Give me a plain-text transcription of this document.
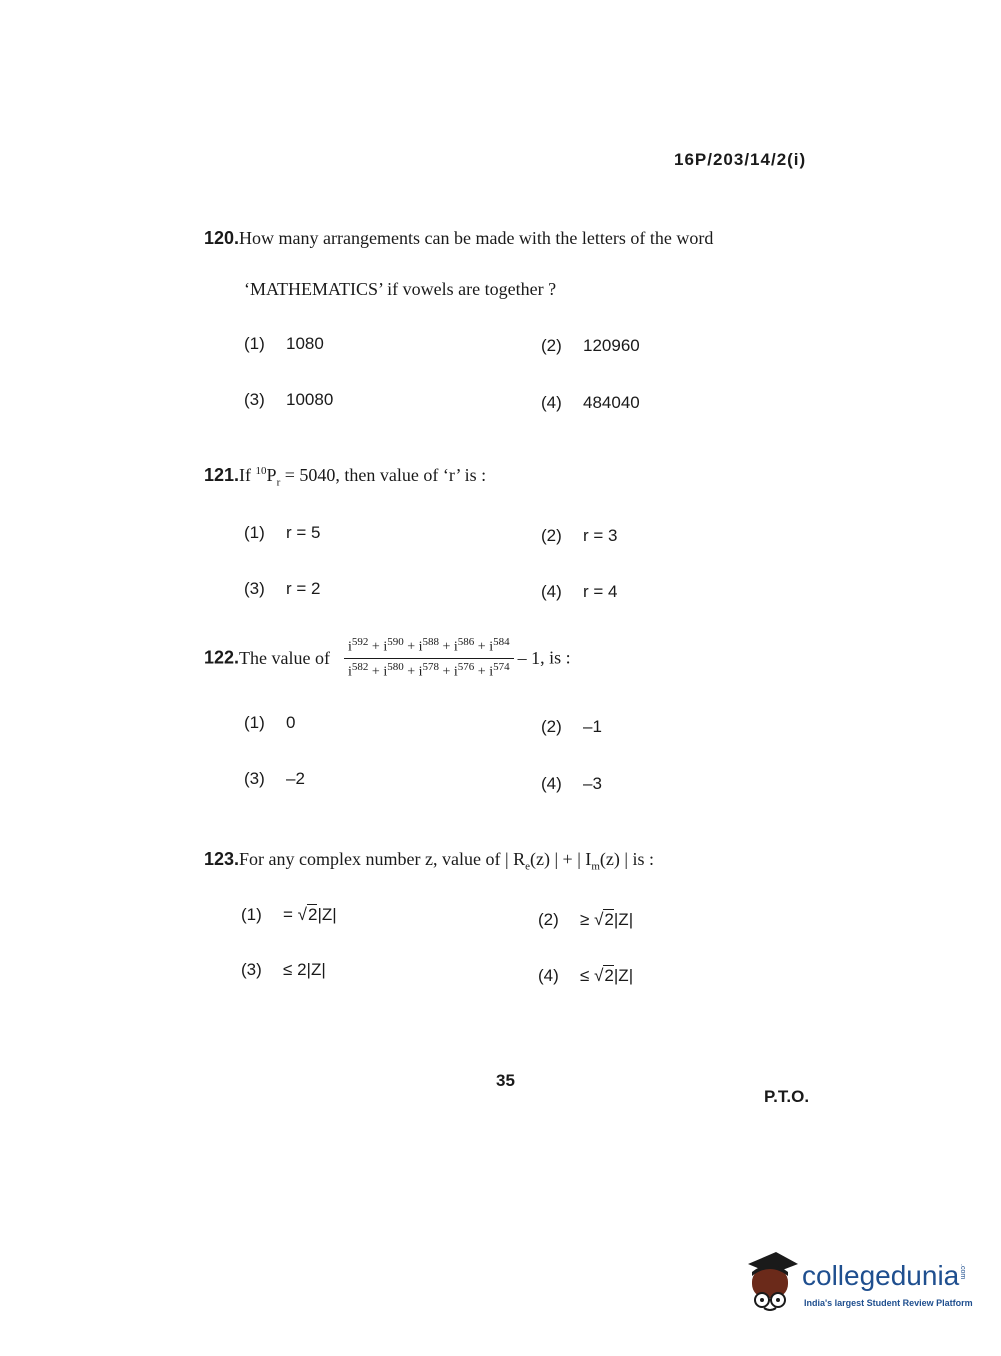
16P/203/14/2(i)
120.How many arrangements can be made with the letters of the word
‘MATHEMATICS’ if vowels are together ?
(1) 1080	(2) 120960
(3) 10080	(4) 484040
121.If $^{10}P_r = 5040$, then value of ‘r’ is :
(1) r = 5	(2) r = 3
(3) r = 2	(4) r = 4
122.The value of $\frac{i^{592} + i^{590} + i^{588} + i^{586} + i^{584}}{i^{582} + i^{580} + i^{578} + i^{576} + i^{574}} - 1$, is :
(1) 0	(2) –1
(3) –2	(4) –3
123.For any complex number z, value of | $R_e(z)$ | + | $I_m(z)$ | is :
(1) = √2|Z|	(2) ≥ √2|Z|
(3) ≤ 2|Z|	(4) ≤ √2|Z|
35
P.T.O.
collegedunia .com
India's largest Student Review Platform
